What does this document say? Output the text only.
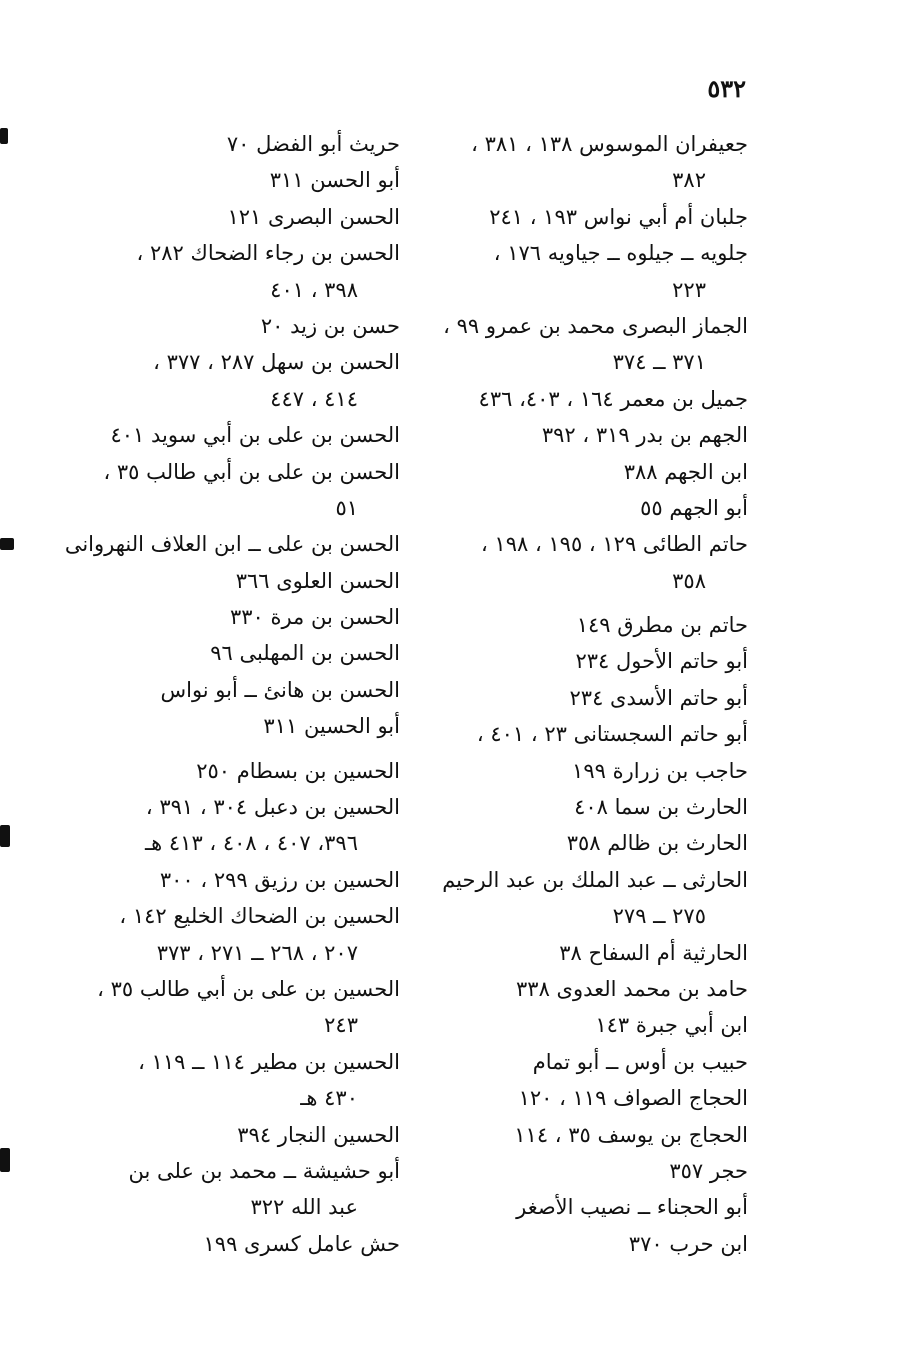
٥٣٢
جعيفران الموسوس ١٣٨ ، ٣٨١ ،
٣٨٢
جلبان أم أبي نواس ١٩٣ ، ٢٤١
جلويه ــ جيلوه ــ جياويه ١٧٦ ،
٢٢٣
الجماز البصرى محمد بن عمرو ٩٩ ،
٣٧١ ــ ٣٧٤
جميل بن معمر ١٦٤ ، ٤٠٣، ٤٣٦
الجهم بن بدر ٣١٩ ، ٣٩٢
ابن الجهم ٣٨٨
أبو الجهم ٥٥
حاتم الطائى ١٢٩ ، ١٩٥ ، ١٩٨ ،
٣٥٨
حاتم بن مطرق ١٤٩
أبو حاتم الأحول ٢٣٤
أبو حاتم الأسدى ٢٣٤
أبو حاتم السجستانى ٢٣ ، ٤٠١ ،
حاجب بن زرارة ١٩٩
الحارث بن سما ٤٠٨
الحارث بن ظالم ٣٥٨
الحارثى ــ عبد الملك بن عبد الرحيم
٢٧٥ ــ ٢٧٩
الحارثية أم السفاح ٣٨
حامد بن محمد العدوى ٣٣٨
ابن أبي جبرة ١٤٣
حبيب بن أوس ــ أبو تمام
الحجاج الصواف ١١٩ ، ١٢٠
الحجاج بن يوسف ٣٥ ، ١١٤
حجر ٣٥٧
أبو الحجناء ــ نصيب الأصغر
ابن حرب ٣٧٠
حريث أبو الفضل ٧٠
أبو الحسن ٣١١
الحسن البصرى ١٢١
الحسن بن رجاء الضحاك ٢٨٢ ،
٣٩٨ ، ٤٠١
حسن بن زيد ٢٠
الحسن بن سهل ٢٨٧ ، ٣٧٧ ،
٤١٤ ، ٤٤٧
الحسن بن على بن أبي سويد ٤٠١
الحسن بن على بن أبي طالب ٣٥ ،
٥١
الحسن بن على ــ ابن العلاف النهروانى
الحسن العلوى ٣٦٦
الحسن بن مرة ٣٣٠
الحسن بن المهلبى ٩٦
الحسن بن هانئ ــ أبو نواس
أبو الحسين ٣١١
الحسين بن بسطام ٢٥٠
الحسين بن دعبل ٣٠٤ ، ٣٩١ ،
٣٩٦، ٤٠٧ ، ٤٠٨ ، ٤١٣ هـ
الحسين بن رزيق ٢٩٩ ، ٣٠٠
الحسين بن الضحاك الخليع ١٤٢ ،
٢٠٧ ، ٢٦٨ ــ ٢٧١ ، ٣٧٣
الحسين بن على بن أبي طالب ٣٥ ،
٢٤٣
الحسين بن مطير ١١٤ ــ ١١٩ ،
٤٣٠ هـ
الحسين النجار ٣٩٤
أبو حشيشة ــ محمد بن على بن
عبد الله ٣٢٢
حش عامل كسرى ١٩٩
